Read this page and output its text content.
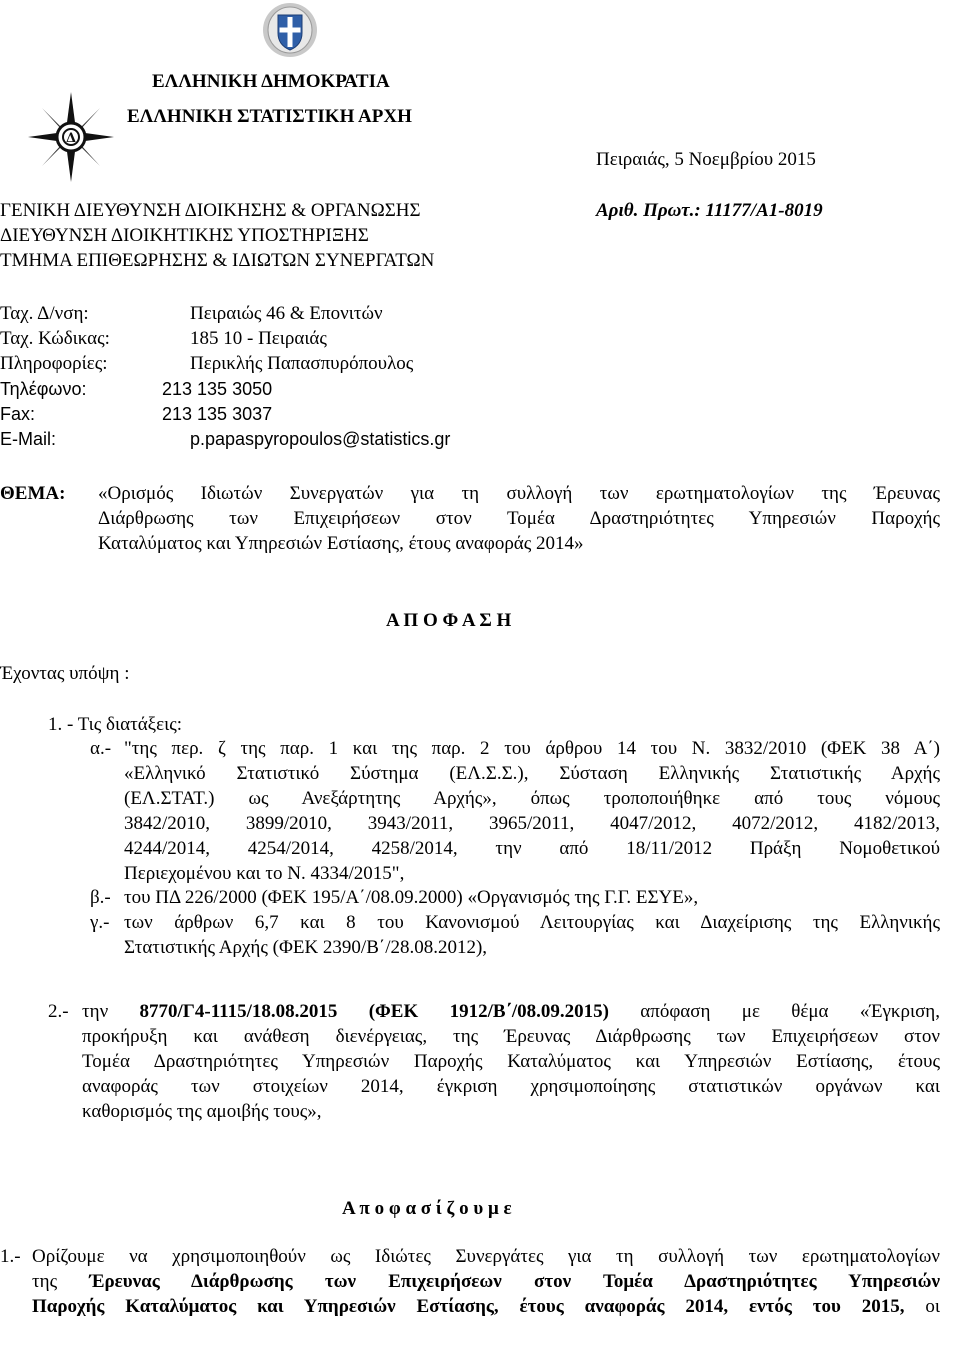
Δ
ΕΛΛΗΝΙΚΗ ΔΗΜΟΚΡΑΤΙΑ
ΕΛΛΗΝΙΚΗ ΣΤΑΤΙΣΤΙΚΗ ΑΡΧΗ
Πειραιάς, 5 Νοεμβρίου 2015
ΓΕΝΙΚΗ ΔΙΕΥΘΥΝΣΗ ΔΙΟΙΚΗΣΗΣ & ΟΡΓΑΝΩΣΗΣ
ΔΙΕΥΘΥΝΣΗ ΔΙΟΙΚΗΤΙΚΗΣ ΥΠΟΣΤΗΡΙΞΗΣ
ΤΜΗΜΑ ΕΠΙΘΕΩΡΗΣΗΣ & ΙΔΙΩΤΩΝ ΣΥΝΕΡΓΑΤΩΝ
Αριθ. Πρωτ.: 11177/Α1-8019
Ταχ. Δ/νση:	Πειραιώς 46 & Επονιτών
Ταχ. Κώδικας:	185 10 - Πειραιάς
Πληροφορίες:	Περικλής Παπασπυρόπουλος
Τηλέφωνο:	213 135 3050
Fax:	213 135 3037
E-Mail:	p.papaspyropoulos@statistics.gr
ΘΕΜΑ: «Ορισμός Ιδιωτών Συνεργατών για τη συλλογή των ερωτηματολογίων της Έρευνας
Διάρθρωσης των Επιχειρήσεων στον Τομέα Δραστηριότητες Υπηρεσιών Παροχής
Καταλύματος και Υπηρεσιών Εστίασης, έτους αναφοράς 2014»
Α Π Ο Φ Α Σ Η
Έχοντας υπόψη :
1. - Τις διατάξεις:
α.- "της περ. ζ της παρ. 1 και της παρ. 2 του άρθρου 14 του Ν. 3832/2010 (ΦΕΚ 38 Α΄)
«Ελληνικό Στατιστικό Σύστημα (ΕΛ.Σ.Σ.), Σύσταση Ελληνικής Στατιστικής Αρχής
(ΕΛ.ΣΤΑΤ.) ως Ανεξάρτητης Αρχής», όπως τροποποιήθηκε από τους νόμους
3842/2010, 3899/2010, 3943/2011, 3965/2011, 4047/2012, 4072/2012, 4182/2013,
4244/2014, 4254/2014, 4258/2014, την από 18/11/2012 Πράξη Νομοθετικού
Περιεχομένου και το Ν. 4334/2015",
β.- του ΠΔ 226/2000 (ΦΕΚ 195/Α΄/08.09.2000) «Οργανισμός της Γ.Γ. ΕΣΥΕ»,
γ.- των άρθρων 6,7 και 8 του Κανονισμού Λειτουργίας και Διαχείρισης της Ελληνικής
Στατιστικής Αρχής (ΦΕΚ 2390/Β΄/28.08.2012),
2.- την 8770/Γ4-1115/18.08.2015 (ΦΕΚ 1912/Β΄/08.09.2015) απόφαση με θέμα «Έγκριση,
προκήρυξη και ανάθεση διενέργειας, της Έρευνας Διάρθρωσης των Επιχειρήσεων στον
Τομέα Δραστηριότητες Υπηρεσιών Παροχής Καταλύματος και Υπηρεσιών Εστίασης, έτους
αναφοράς των στοιχείων 2014, έγκριση χρησιμοποίησης στατιστικών οργάνων και
καθορισμός της αμοιβής τους»,
Α π ο φ α σ ί ζ ο υ μ ε
1.- Ορίζουμε να χρησιμοποιηθούν ως Ιδιώτες Συνεργάτες για τη συλλογή των ερωτηματολογίων
της Έρευνας Διάρθρωσης των Επιχειρήσεων στον Τομέα Δραστηριότητες Υπηρεσιών
Παροχής Καταλύματος και Υπηρεσιών Εστίασης, έτους αναφοράς 2014, εντός του 2015, οι
